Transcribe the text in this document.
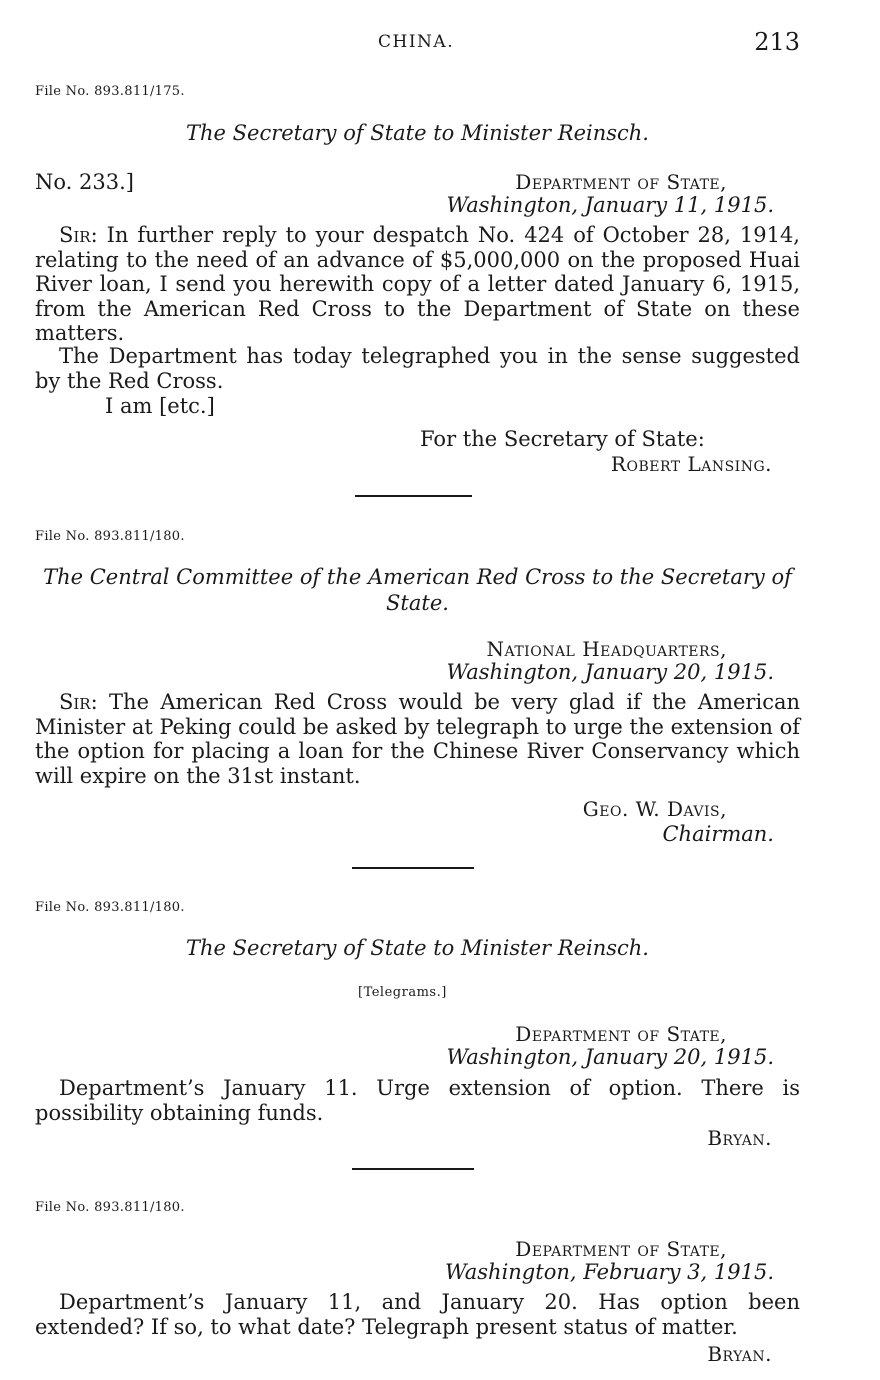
CHINA.	213
File No. 893.811/175.
The Secretary of State to Minister Reinsch.
No. 233.]	Department of State,
Washington, January 11, 1915.

Sir: In further reply to your despatch No. 424 of October 28, 1914, relating to the need of an advance of $5,000,000 on the proposed Huai River loan, I send you herewith copy of a letter dated January 6, 1915, from the American Red Cross to the Department of State on these matters.

The Department has today telegraphed you in the sense suggested by the Red Cross.

I am [etc.]
For the Secretary of State:
Robert Lansing.
File No. 893.811/180.
The Central Committee of the American Red Cross to the Secretary of State.
National Headquarters,
Washington, January 20, 1915.

Sir: The American Red Cross would be very glad if the American Minister at Peking could be asked by telegraph to urge the extension of the option for placing a loan for the Chinese River Conservancy which will expire on the 31st instant.

Geo. W. Davis,
Chairman.
File No. 893.811/180.
The Secretary of State to Minister Reinsch.
[Telegrams.]
Department of State,
Washington, January 20, 1915.

Department’s January 11. Urge extension of option. There is possibility obtaining funds.

Bryan.
File No. 893.811/180.
Department of State,
Washington, February 3, 1915.

Department’s January 11, and January 20. Has option been extended? If so, to what date? Telegraph present status of matter.

Bryan.
